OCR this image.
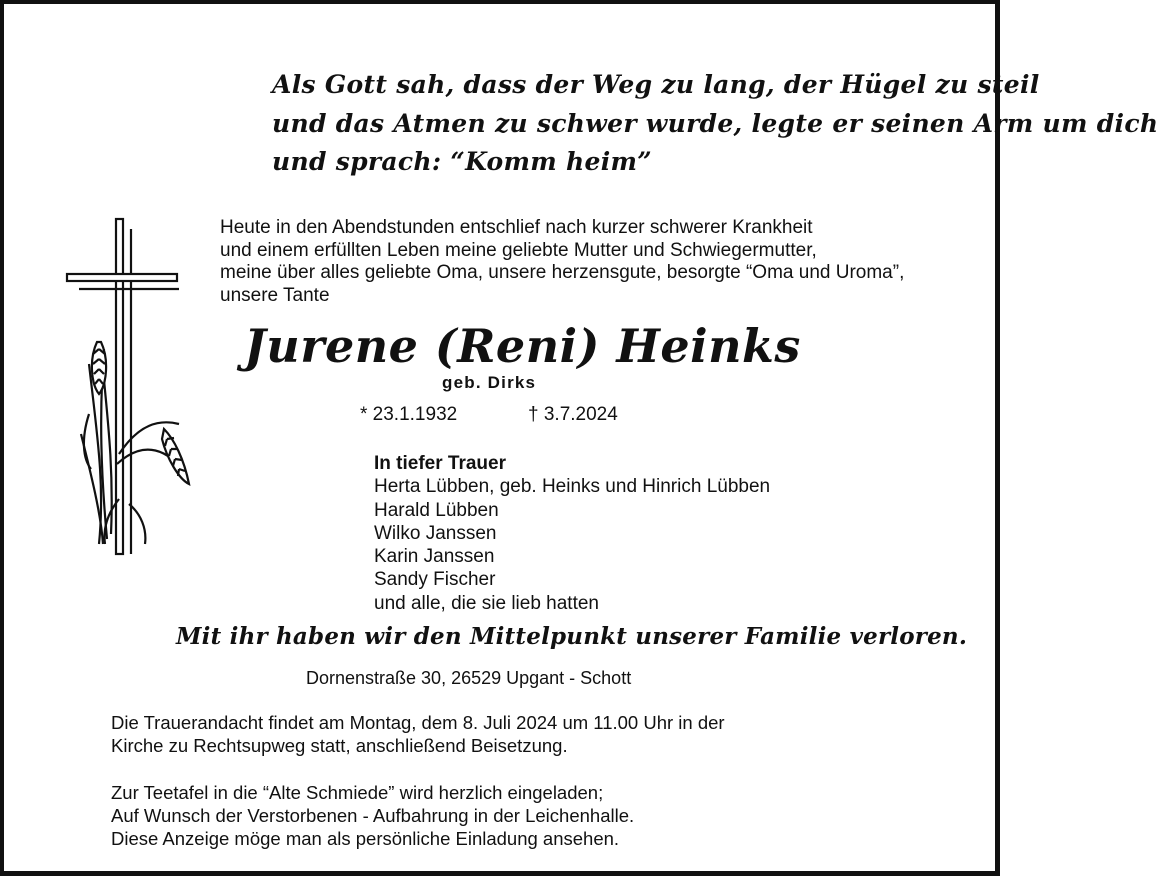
Als Gott sah, dass der Weg zu lang, der Hügel zu steil
und das Atmen zu schwer wurde, legte er seinen Arm um dich
und sprach: “Komm heim”
Heute in den Abendstunden entschlief nach kurzer schwerer Krankheit
und einem erfüllten Leben meine geliebte Mutter und Schwiegermutter,
meine über alles geliebte Oma, unsere herzensgute, besorgte “Oma und Uroma”,
unsere Tante
Jurene (Reni) Heinks
geb. Dirks
* 23.1.1932	† 3.7.2024
In tiefer Trauer
Herta Lübben, geb. Heinks und Hinrich Lübben
Harald Lübben
Wilko Janssen
Karin Janssen
Sandy Fischer
und alle, die sie lieb hatten
Mit ihr haben wir den Mittelpunkt unserer Familie verloren.
Dornenstraße 30, 26529 Upgant - Schott
Die Trauerandacht findet am Montag, dem 8. Juli 2024 um 11.00 Uhr in der
Kirche zu Rechtsupweg statt, anschließend Beisetzung.
Zur Teetafel in die “Alte Schmiede” wird herzlich eingeladen;
Auf Wunsch der Verstorbenen - Aufbahrung in der Leichenhalle.
Diese Anzeige möge man als persönliche Einladung ansehen.
